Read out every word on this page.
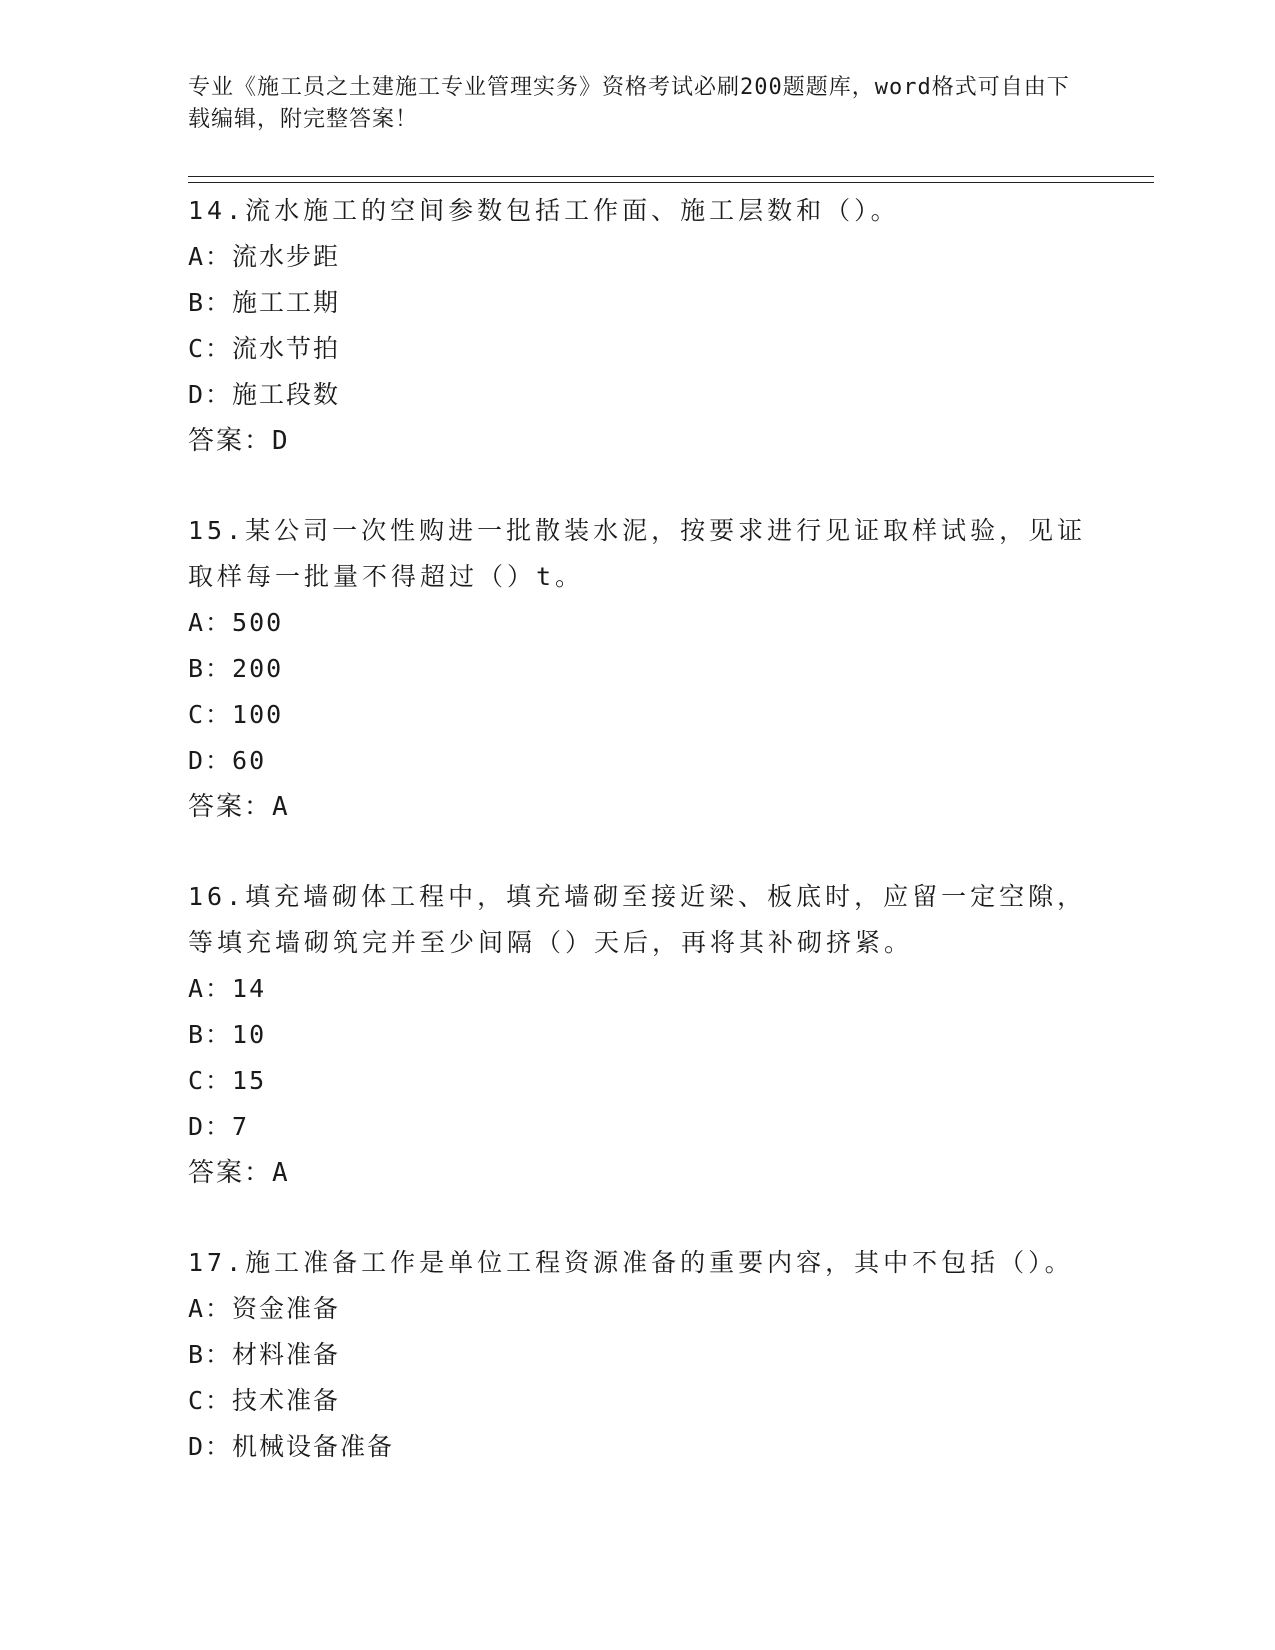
专业《施工员之土建施工专业管理实务》资格考试必刷200题题库，word格式可自由下载编辑，附完整答案！

14.流水施工的空间参数包括工作面、施工层数和（）。

A：流水步距

B：施工工期

C：流水节拍

D：施工段数

答案：D

15.某公司一次性购进一批散装水泥，按要求进行见证取样试验，见证取样每一批量不得超过（）t。

A：500

B：200

C：100

D：60

答案：A

16.填充墙砌体工程中，填充墙砌至接近梁、板底时，应留一定空隙，等填充墙砌筑完并至少间隔（）天后，再将其补砌挤紧。

A：14

B：10

C：15

D：7

答案：A

17.施工准备工作是单位工程资源准备的重要内容，其中不包括（）。

A：资金准备

B：材料准备

C：技术准备

D：机械设备准备
